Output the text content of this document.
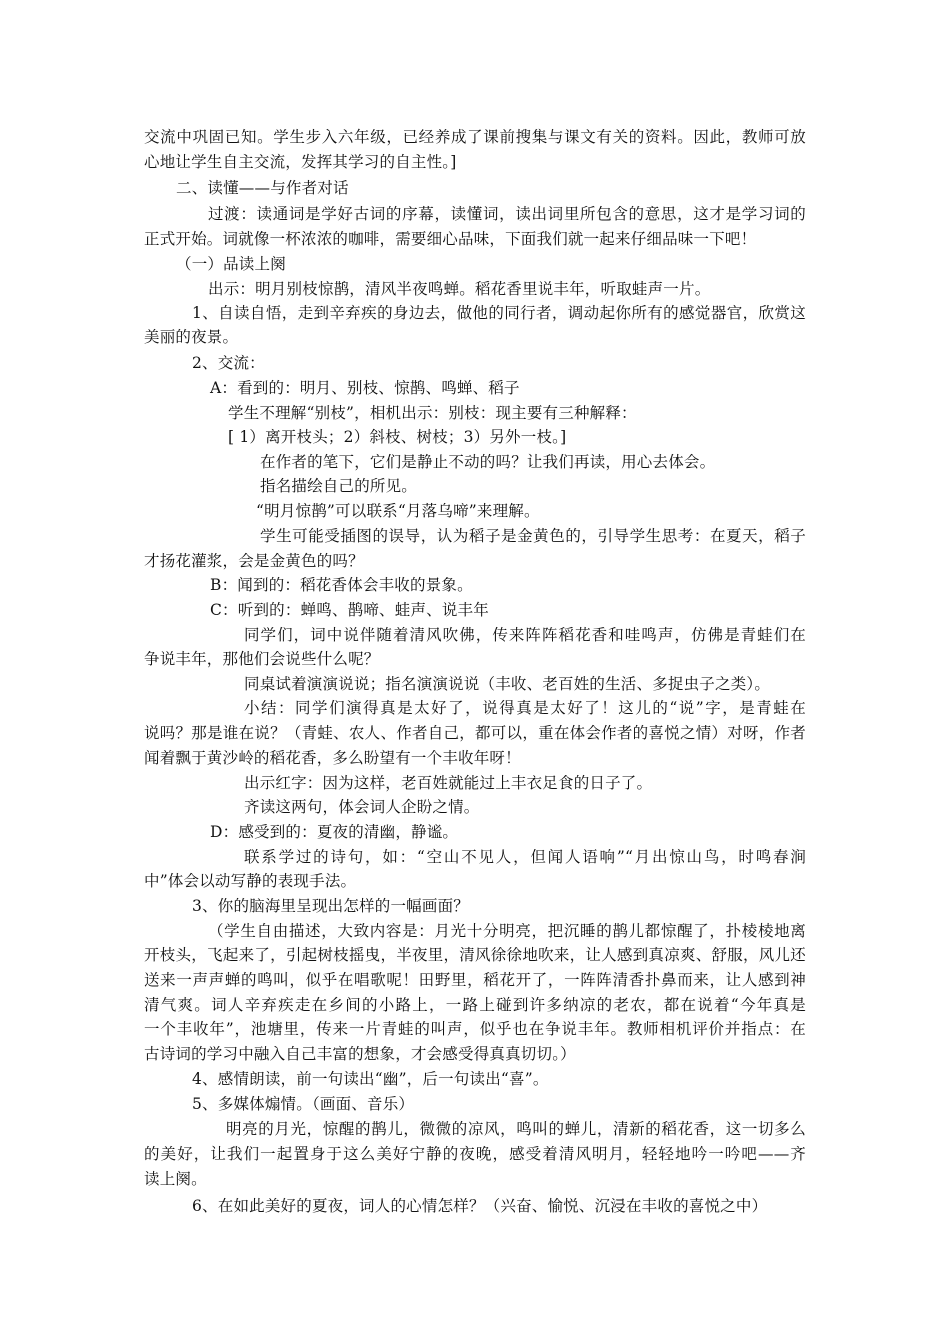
交流中巩固已知。学生步入六年级，已经养成了课前搜集与课文有关的资料。因此，教师可放
心地让学生自主交流，发挥其学习的自主性。]
二、读懂——与作者对话
过渡：读通词是学好古词的序幕，读懂词，读出词里所包含的意思，这才是学习词的
正式开始。词就像一杯浓浓的咖啡，需要细心品味，下面我们就一起来仔细品味一下吧！
（一）品读上阕
出示：明月别枝惊鹊，清风半夜鸣蝉。稻花香里说丰年，听取蛙声一片。
1、自读自悟，走到辛弃疾的身边去，做他的同行者，调动起你所有的感觉器官，欣赏这
美丽的夜景。
2、交流：
A：看到的：明月、别枝、惊鹊、鸣蝉、稻子
学生不理解“别枝”，相机出示：别枝：现主要有三种解释：
[ 1）离开枝头；2）斜枝、树枝；3）另外一枝。]
在作者的笔下，它们是静止不动的吗？让我们再读，用心去体会。
指名描绘自己的所见。
“明月惊鹊”可以联系“月落乌啼”来理解。
学生可能受插图的误导，认为稻子是金黄色的，引导学生思考：在夏天，稻子
才扬花灌浆，会是金黄色的吗？
B：闻到的：稻花香体会丰收的景象。
C：听到的：蝉鸣、鹊啼、蛙声、说丰年
同学们，词中说伴随着清风吹佛，传来阵阵稻花香和哇鸣声，仿佛是青蛙们在
争说丰年，那他们会说些什么呢？
同桌试着演演说说；指名演演说说（丰收、老百姓的生活、多捉虫子之类）。
小结：同学们演得真是太好了，说得真是太好了！这儿的“说”字，是青蛙在
说吗？那是谁在说？（青蛙、农人、作者自己，都可以，重在体会作者的喜悦之情）对呀，作者
闻着飘于黄沙岭的稻花香，多么盼望有一个丰收年呀！
出示红字：因为这样，老百姓就能过上丰衣足食的日子了。
齐读这两句，体会词人企盼之情。
D：感受到的：夏夜的清幽，静谧。
联系学过的诗句，如：“空山不见人，但闻人语响”“月出惊山鸟，时鸣春涧
中”体会以动写静的表现手法。
3、你的脑海里呈现出怎样的一幅画面？
（学生自由描述，大致内容是：月光十分明亮，把沉睡的鹊儿都惊醒了，扑棱棱地离
开枝头，飞起来了，引起树枝摇曳，半夜里，清风徐徐地吹来，让人感到真凉爽、舒服，风儿还
送来一声声蝉的鸣叫，似乎在唱歌呢！田野里，稻花开了，一阵阵清香扑鼻而来，让人感到神
清气爽。词人辛弃疾走在乡间的小路上，一路上碰到许多纳凉的老农，都在说着“今年真是
一个丰收年”，池塘里，传来一片青蛙的叫声，似乎也在争说丰年。教师相机评价并指点：在
古诗词的学习中融入自己丰富的想象，才会感受得真真切切。）
4、感情朗读，前一句读出“幽”，后一句读出“喜”。
5、多媒体煽情。（画面、音乐）
明亮的月光，惊醒的鹊儿，微微的凉风，鸣叫的蝉儿，清新的稻花香，这一切多么
的美好，让我们一起置身于这么美好宁静的夜晚，感受着清风明月，轻轻地吟一吟吧——齐
读上阕。
6、在如此美好的夏夜，词人的心情怎样？（兴奋、愉悦、沉浸在丰收的喜悦之中）
